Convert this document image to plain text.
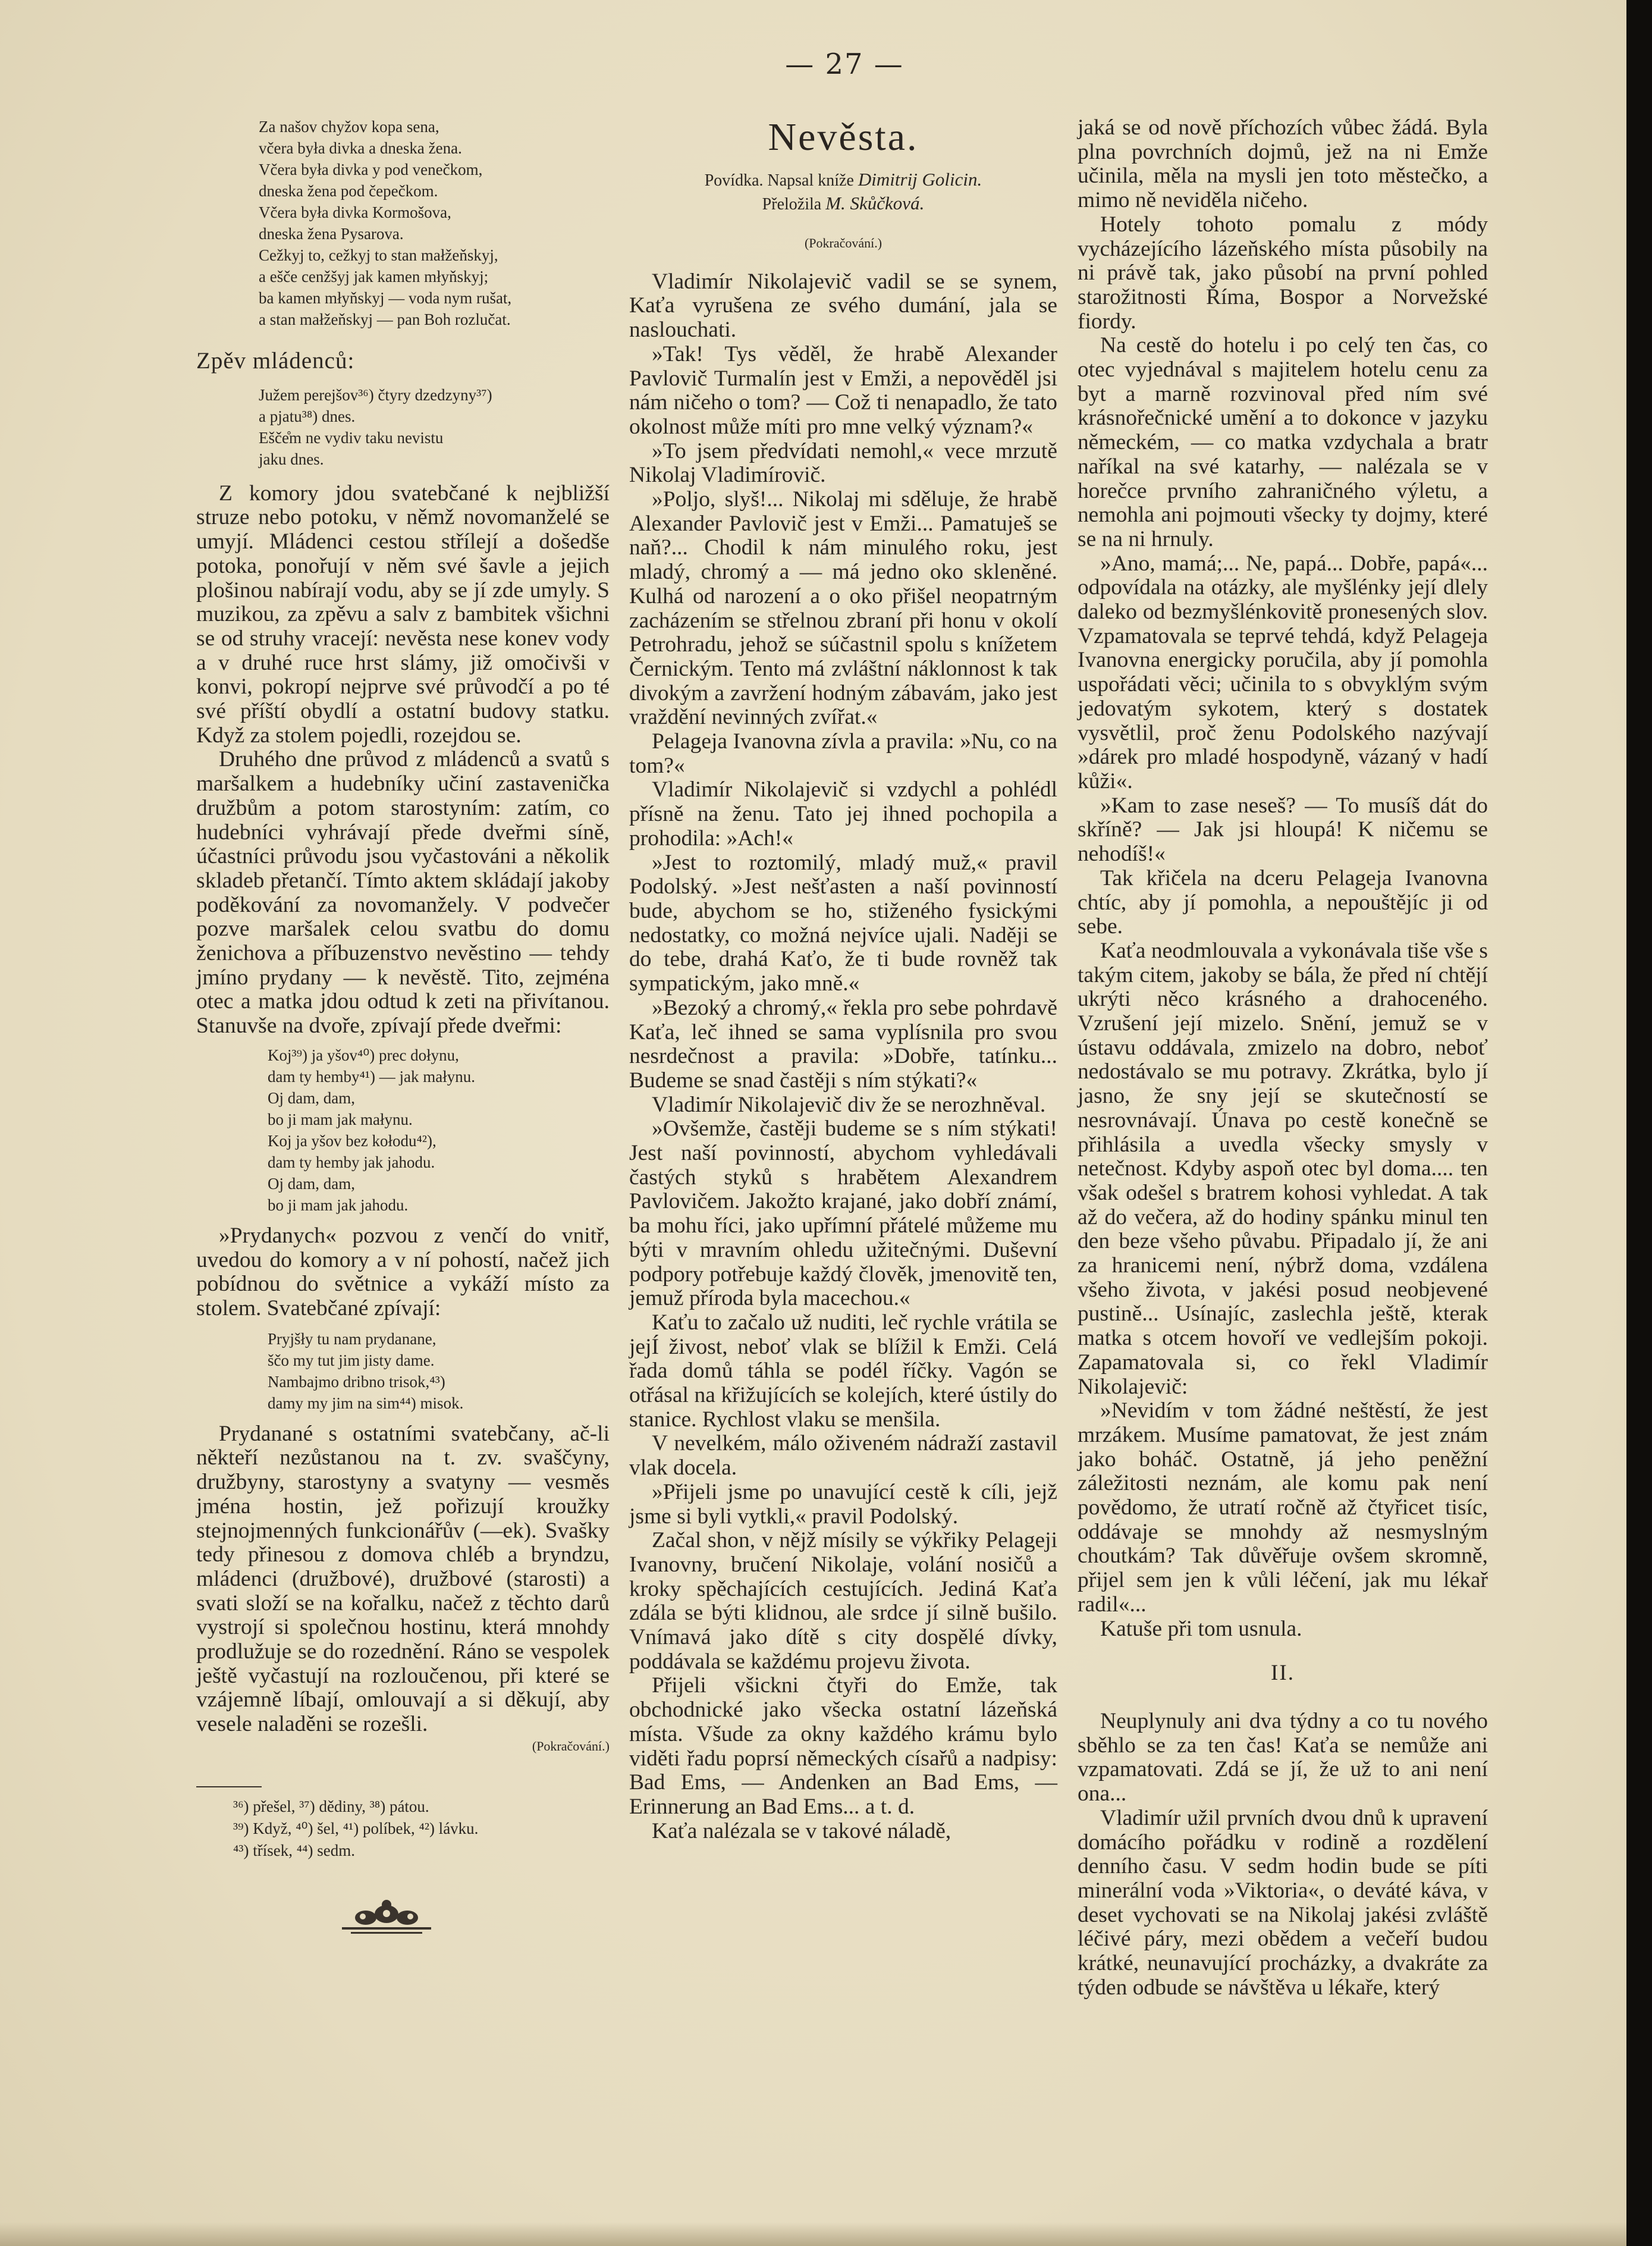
— 27 —
Za našov chyžov kopa sena,
včera była divka a dneska žena.
Včera była divka y pod venečkom,
dneska žena pod čepečkom.
Včera była divka Kormošova,
dneska žena Pysarova.
Cežkyj to, cežkyj to stan małžeňskyj,
a ešče cenžšyj jak kamen młyňskyj;
ba kamen młyňskyj — voda nym rušat,
a stan małžeňskyj — pan Boh rozlučat.
Zpěv mládenců:
Južem perejšov³⁶) čtyry dzedzyny³⁷)
a pjatu³⁸) dnes.
Ešče̊m ne vydiv taku nevistu
jaku dnes.

Z komory jdou svatebčané k nejbližší struze nebo potoku, v němž novomanželé se umyjí. Mládenci cestou střílejí a došedše potoka, ponořují v něm své šavle a jejich plošinou nabírají vodu, aby se jí zde umyly. S muzikou, za zpěvu a salv z bambitek všichni se od struhy vracejí: nevěsta nese konev vody a v druhé ruce hrst slámy, již omočivši v konvi, pokropí nejprve své průvodčí a po té své příští obydlí a ostatní budovy statku. Když za stolem pojedli, rozejdou se.

Druhého dne průvod z mládenců a svatů s maršalkem a hudebníky učiní zastavenička družbům a potom starostyním: zatím, co hudebníci vyhrávají přede dveřmi síně, účastníci průvodu jsou vyčastováni a několik skladeb přetančí. Tímto aktem skládají jakoby poděkování za novomanžely. V podvečer pozve maršalek celou svatbu do domu ženichova a příbuzenstvo nevěstino — tehdy jmíno prydany — k nevěstě. Tito, zejména otec a matka jdou odtud k zeti na přivítanou. Stanuvše na dvoře, zpívají přede dveřmi:

Koj³⁹) ja yšov⁴⁰) prec dołynu,
dam ty hemby⁴¹) — jak małynu.
Oj dam, dam,
bo ji mam jak małynu.
Koj ja yšov bez kołodu⁴²),
dam ty hemby jak jahodu.
Oj dam, dam,
bo ji mam jak jahodu.

»Prydanych« pozvou z venčí do vnitř, uvedou do komory a v ní pohostí, načež jich pobídnou do světnice a vykáží místo za stolem. Svatebčané zpívají:

Pryjšły tu nam prydanane,
ščo my tut jim jisty dame.
Nambajmo dribno trisok,⁴³)
damy my jim na sim⁴⁴) misok.

Prydanané s ostatními svatebčany, ač-li někteří nezůstanou na t. zv. svaščyny, družbyny, starostyny a svatyny — vesměs jména hostin, jež pořizují kroužky stejnojmenných funkcionářův (—ek). Svašky tedy přinesou z domova chléb a bryndzu, mládenci (družbové), družbové (starosti) a svati složí se na kořalku, načež z těchto darů vystrojí si společnou hostinu, která mnohdy prodlužuje se do rozednění. Ráno se vespolek ještě vyčastují na rozloučenou, při které se vzájemně líbají, omlouvají a si děkují, aby vesele naladěni se rozešli.

(Pokračování.)
³⁶) přešel, ³⁷) dědiny, ³⁸) pátou.
³⁹) Když, ⁴⁰) šel, ⁴¹) políbek, ⁴²) lávku.
⁴³) třísek, ⁴⁴) sedm.
Nevěsta.
Povídka. Napsal kníže Dimitrij Golicin.
Přeložila M. Skůčková.
(Pokračování.)

Vladimír Nikolajevič vadil se se synem, Kaťa vyrušena ze svého dumání, jala se naslouchati.

»Tak! Tys věděl, že hrabě Alexander Pavlovič Turmalín jest v Emži, a nepověděl jsi nám ničeho o tom? — Což ti nenapadlo, že tato okolnost může míti pro mne velký význam?«

»To jsem předvídati nemohl,« vece mrzutě Nikolaj Vladimírovič.

»Poljo, slyš!... Nikolaj mi sděluje, že hrabě Alexander Pavlovič jest v Emži... Pamatuješ se naň?... Chodil k nám minulého roku, jest mladý, chromý a — má jedno oko skleněné. Kulhá od narození a o oko přišel neopatrným zacházením se střelnou zbraní při honu v okolí Petrohradu, jehož se súčastnil spolu s knížetem Černickým. Tento má zvláštní náklonnost k tak divokým a zavržení hodným zábavám, jako jest vraždění nevinných zvířat.«

Pelageja Ivanovna zívla a pravila: »Nu, co na tom?«

Vladimír Nikolajevič si vzdychl a pohlédl přísně na ženu. Tato jej ihned pochopila a prohodila: »Ach!«

»Jest to roztomilý, mladý muž,« pravil Podolský. »Jest nešťasten a naší povinností bude, abychom se ho, stiženého fysickými nedostatky, co možná nejvíce ujali. Naději se do tebe, drahá Kaťo, že ti bude rovněž tak sympatickým, jako mně.«

»Bezoký a chromý,« řekla pro sebe pohrdavě Kaťa, leč ihned se sama vyplísnila pro svou nesrdečnost a pravila: »Dobře, tatínku... Budeme se snad častěji s ním stýkati?«

Vladimír Nikolajevič div že se nerozhněval.

»Ovšemže, častěji budeme se s ním stýkati! Jest naší povinností, abychom vyhledávali častých styků s hrabětem Alexandrem Pavlovičem. Jakožto krajané, jako dobří známí, ba mohu říci, jako upřímní přátelé můžeme mu býti v mravním ohledu užitečnými. Duševní podpory potřebuje každý člověk, jmenovitě ten, jemuž příroda byla macechou.«

Kaťu to začalo už nuditi, leč rychle vrátila se jejÍ živost, neboť vlak se blížil k Emži. Celá řada domů táhla se podél říčky. Vagón se otřásal na křižujících se kolejích, které ústily do stanice. Rychlost vlaku se menšila.

V nevelkém, málo oživeném nádraží zastavil vlak docela.

»Přijeli jsme po unavující cestě k cíli, jejž jsme si byli vytkli,« pravil Podolský.

Začal shon, v nějž mísily se výkřiky Pelageji Ivanovny, bručení Nikolaje, volání nosičů a kroky spěchajících cestujících. Jediná Kaťa zdála se býti klidnou, ale srdce jí silně bušilo. Vnímavá jako dítě s city dospělé dívky, poddávala se každému projevu života.

Přijeli všickni čtyři do Emže, tak obchodnické jako všecka ostatní lázeňská místa. Všude za okny každého krámu bylo viděti řadu poprsí německých císařů a nadpisy: Bad Ems, — Andenken an Bad Ems, — Erinnerung an Bad Ems... a t. d.

Kaťa nalézala se v takové náladě,

jaká se od nově příchozích vůbec žádá. Byla plna povrchních dojmů, jež na ni Emže učinila, měla na mysli jen toto městečko, a mimo ně neviděla ničeho.

Hotely tohoto pomalu z módy vycházejícího lázeňského místa působily na ni právě tak, jako působí na první pohled starožitnosti Říma, Bospor a Norvežské fiordy.

Na cestě do hotelu i po celý ten čas, co otec vyjednával s majitelem hotelu cenu za byt a marně rozvinoval před ním své krásnořečnické umění a to dokonce v jazyku německém, — co matka vzdychala a bratr naříkal na své katarhy, — nalézala se v horečce prvního zahraničného výletu, a nemohla ani pojmouti všecky ty dojmy, které se na ni hrnuly.

»Ano, mamá;... Ne, papá... Dobře, papá«... odpovídala na otázky, ale myšlénky její dlely daleko od bezmyšlénkovitě pronesených slov. Vzpamatovala se teprvé tehdá, když Pelageja Ivanovna energicky poručila, aby jí pomohla uspořádati věci; učinila to s obvyklým svým jedovatým sykotem, který s dostatek vysvětlil, proč ženu Podolského nazývají »dárek pro mladé hospodyně, vázaný v hadí kůži«.

»Kam to zase neseš? — To musíš dát do skříně? — Jak jsi hloupá! K ničemu se nehodíš!«

Tak křičela na dceru Pelageja Ivanovna chtíc, aby jí pomohla, a nepouštějíc ji od sebe.

Kaťa neodmlouvala a vykonávala tiše vše s takým citem, jakoby se bála, že před ní chtějí ukrýti něco krásného a drahoceného. Vzrušení její mizelo. Snění, jemuž se v ústavu oddávala, zmizelo na dobro, neboť nedostávalo se mu potravy. Zkrátka, bylo jí jasno, že sny její se skutečností se nesrovnávají. Únava po cestě konečně se přihlásila a uvedla všecky smysly v netečnost. Kdyby aspoň otec byl doma.... ten však odešel s bratrem kohosi vyhledat. A tak až do večera, až do hodiny spánku minul ten den beze všeho půvabu. Připadalo jí, že ani za hranicemi není, nýbrž doma, vzdálena všeho života, v jakési posud neobjevené pustině... Usínajíc, zaslechla ještě, kterak matka s otcem hovoří ve vedlejším pokoji. Zapamatovala si, co řekl Vladimír Nikolajevič:

»Nevidím v tom žádné neštěstí, že jest mrzákem. Musíme pamatovat, že jest znám jako boháč. Ostatně, já jeho peněžní záležitosti neznám, ale komu pak není povědomo, že utratí ročně až čtyřicet tisíc, oddávaje se mnohdy až nesmyslným choutkám? Tak důvěřuje ovšem skromně, přijel sem jen k vůli léčení, jak mu lékař radil«...

Katuše při tom usnula.

II.

Neuplynuly ani dva týdny a co tu nového sběhlo se za ten čas! Kaťa se nemůže ani vzpamatovati. Zdá se jí, že už to ani není ona...

Vladimír užil prvních dvou dnů k upravení domácího pořádku v rodině a rozdělení denního času. V sedm hodin bude se píti minerální voda »Viktoria«, o deváté káva, v deset vychovati se na Nikolaj jakési zvláště léčivé páry, mezi obědem a večeří budou krátké, neunavující procházky, a dvakráte za týden odbude se návštěva u lékaře, který
